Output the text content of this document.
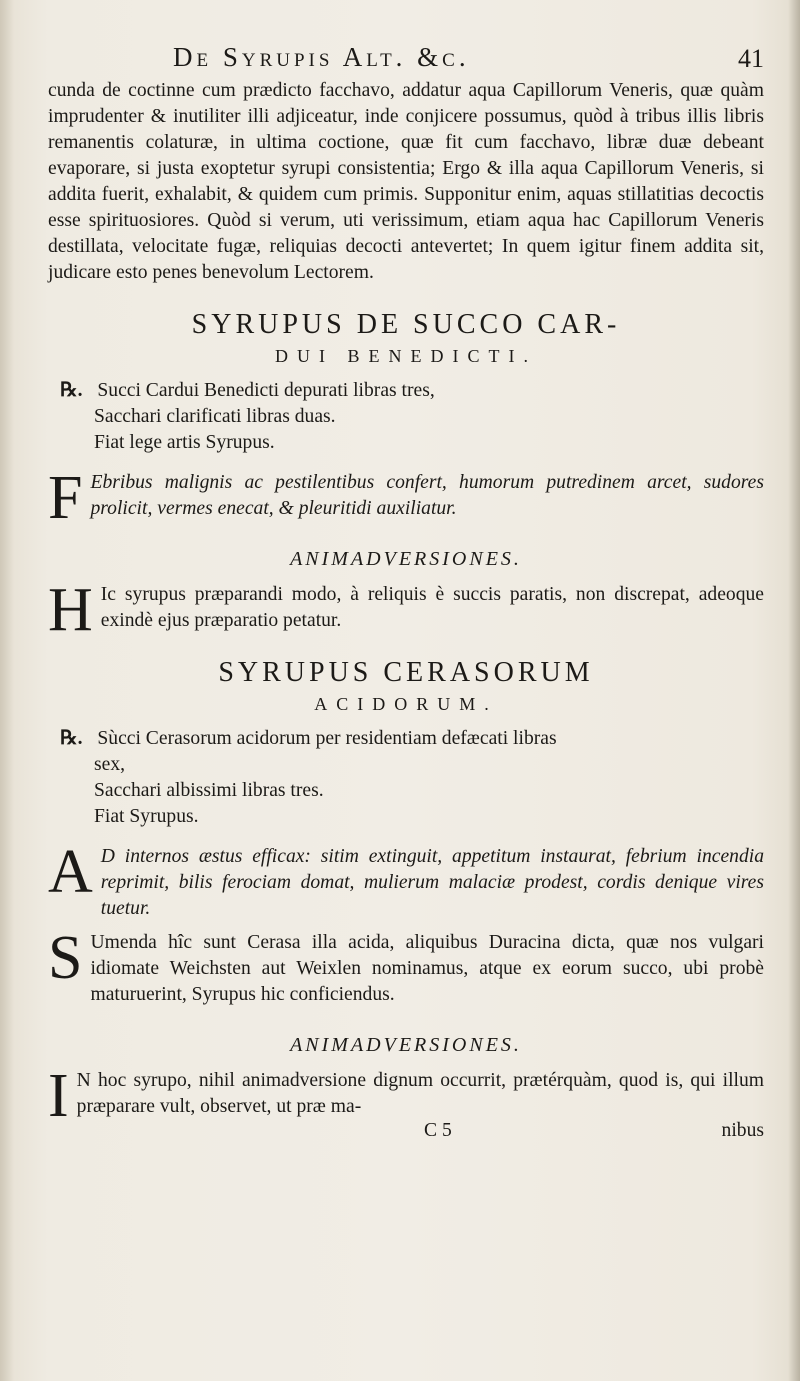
De Syrupis Alt. &c.	41

cunda de coctinne cum prædicto facchavo, addatur aqua Capillorum Veneris, quæ quàm imprudenter & inutiliter illi adjiceatur, inde conjicere possumus, quòd à tribus illis libris remanentis colaturæ, in ultima coctione, quæ fit cum facchavo, libræ duæ debeant evaporare, si justa exoptetur syrupi consistentia; Ergo & illa aqua Capillorum Veneris, si addita fuerit, exhalabit, & quidem cum primis. Supponitur enim, aquas stillatitias decoctis esse spirituosiores. Quòd si verum, uti verissimum, etiam aqua hac Capillorum Veneris destillata, velocitate fugæ, reliquias decocti antevertet; In quem igitur finem addita sit, judicare esto penes benevolum Lectorem.

SYRUPUS DE SUCCO CAR-

DUI BENEDICTI.

℞. Succi Cardui Benedicti depurati libras tres,
Sacchari clarificati libras duas.
Fiat lege artis Syrupus.
F Ebribus malignis ac pestilentibus confert, humorum putredinem arcet, sudores prolicit, vermes enecat, & pleuritidi auxiliatur.

ANIMADVERSIONES.

H Ic syrupus præparandi modo, à reliquis è succis paratis, non discrepat, adeoque exindè ejus præparatio petatur.

SYRUPUS CERASORUM

ACIDORUM.

℞. Sùcci Cerasorum acidorum per residentiam defæcati libras
sex,
Sacchari albissimi libras tres.
Fiat Syrupus.
A D internos æstus efficax: sitim extinguit, appetitum instaurat, febrium incendia reprimit, bilis ferociam domat, mulierum malaciæ prodest, cordis denique vires tuetur.

S Umenda hîc sunt Cerasa illa acida, aliquibus Duracina dicta, quæ nos vulgari idiomate Weichsten aut Weixlen nominamus, atque ex eorum succo, ubi probè maturuerint, Syrupus hic conficiendus.

ANIMADVERSIONES.

I N hoc syrupo, nihil animadversione dignum occurrit, prætérquàm, quod is, qui illum præparare vult, observet, ut præ ma-

C 5	nibus
